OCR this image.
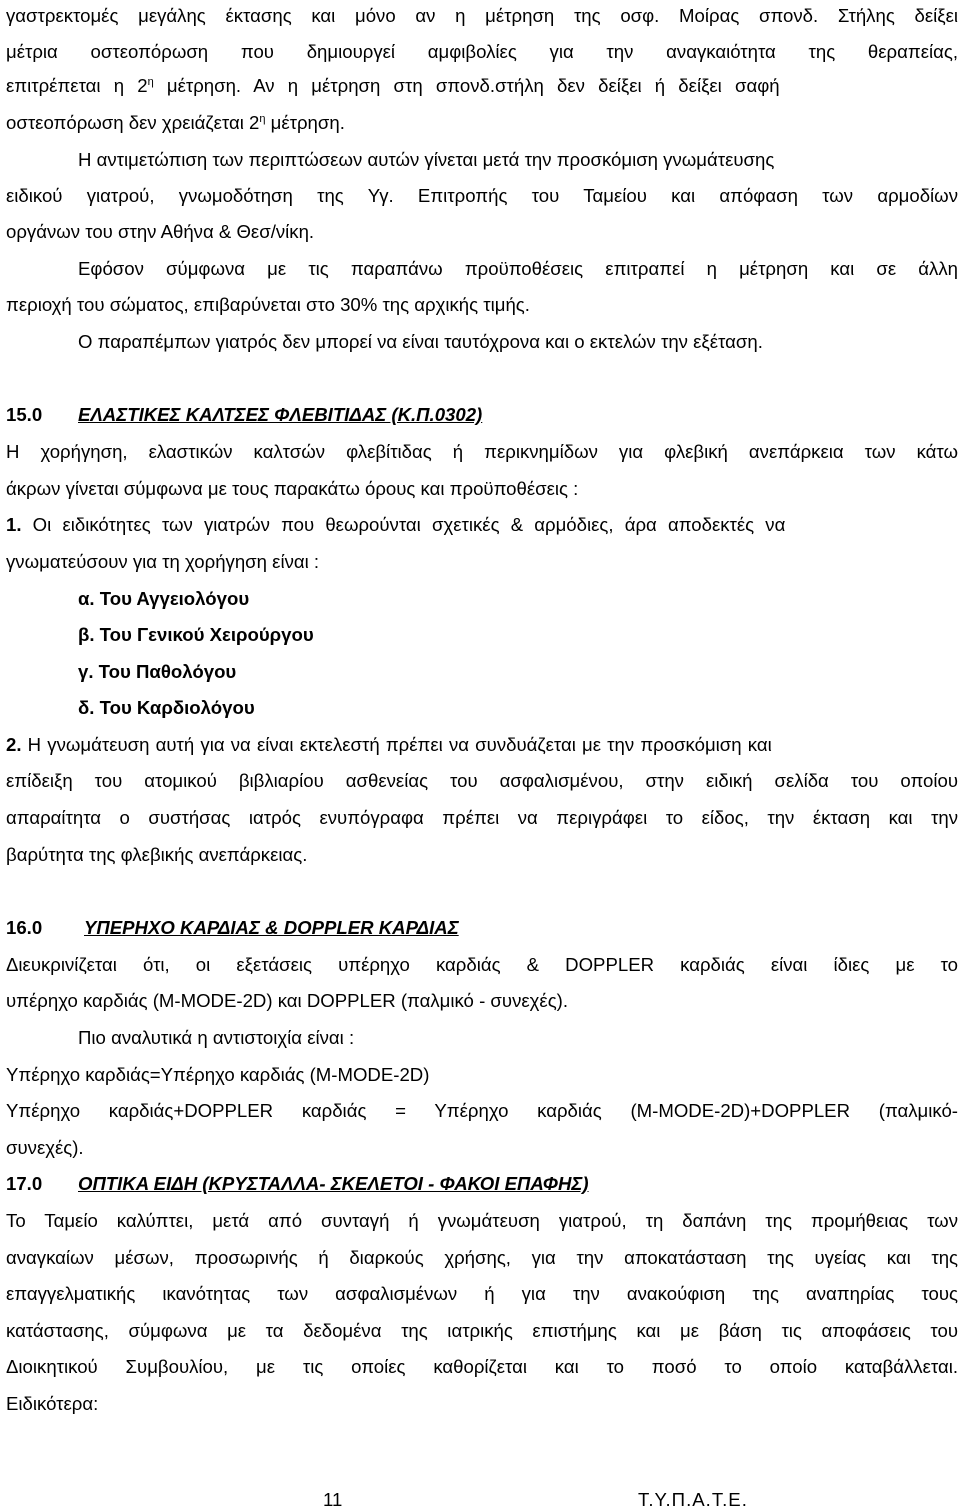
γαστρεκτομές μεγάλης έκτασης και μόνο αν η μέτρηση της οσφ. Μοίρας σπονδ. Στήλης δείξει
μέτρια οστεοπόρωση που δημιουργεί αμφιβολίες για την αναγκαιότητα της θεραπείας,
επιτρέπεται η $2^\eta$ μέτρηση. Αν η μέτρηση στη σπονδ.στήλη δεν δείξει ή δείξει σαφή
οστεοπόρωση δεν χρειάζεται $2^\eta$ μέτρηση.
Η αντιμετώπιση των περιπτώσεων αυτών γίνεται μετά την προσκόμιση γνωμάτευσης
ειδικού γιατρού, γνωμοδότηση της Υγ. Επιτροπής του Ταμείου και απόφαση των αρμοδίων
οργάνων του στην Αθήνα & Θεσ/νίκη.
Εφόσον σύμφωνα με τις παραπάνω προϋποθέσεις επιτραπεί η μέτρηση και σε άλλη
περιοχή του σώματος, επιβαρύνεται στο 30% της αρχικής τιμής.
Ο παραπέμπων γιατρός δεν μπορεί να είναι ταυτόχρονα και ο εκτελών την εξέταση.
15.0 ΕΛΑΣΤΙΚΕΣ ΚΑΛΤΣΕΣ ΦΛΕΒΙΤΙΔΑΣ (Κ.Π.0302)
Η χορήγηση, ελαστικών καλτσών φλεβίτιδας ή περικνημίδων για φλεβική ανεπάρκεια των κάτω
άκρων γίνεται σύμφωνα με τους παρακάτω όρους και προϋποθέσεις :
1. Οι ειδικότητες των γιατρών που θεωρούνται σχετικές & αρμόδιες, άρα αποδεκτές να
γνωματεύσουν για τη χορήγηση είναι :
α. Του Αγγειολόγου
β. Του Γενικού Χειρούργου
γ. Του Παθολόγου
δ. Του Καρδιολόγου
2. Η γνωμάτευση αυτή για να είναι εκτελεστή πρέπει να συνδυάζεται με την προσκόμιση και
επίδειξη του ατομικού βιβλιαρίου ασθενείας του ασφαλισμένου, στην ειδική σελίδα του οποίου
απαραίτητα ο συστήσας ιατρός ενυπόγραφα πρέπει να περιγράφει το είδος, την έκταση και την
βαρύτητα της φλεβικής ανεπάρκειας.
16.0 ΥΠΕΡΗΧΟ ΚΑΡΔΙΑΣ & DOPPLER ΚΑΡΔΙΑΣ
Διευκρινίζεται ότι, οι εξετάσεις υπέρηχο καρδιάς & DOPPLER καρδιάς είναι ίδιες με το
υπέρηχο καρδιάς (M-MODE-2D) και DOPPLER (παλμικό - συνεχές).
Πιο αναλυτικά η αντιστοιχία είναι :
Υπέρηχο καρδιάς=Υπέρηχο καρδιάς (M-MODE-2D)
Υπέρηχο καρδιάς+DOPPLER καρδιάς = Υπέρηχο καρδιάς (M-MODE-2D)+DOPPLER (παλμικό-
συνεχές).
17.0 ΟΠΤΙΚΑ ΕΙΔΗ (ΚΡΥΣΤΑΛΛΑ- ΣΚΕΛΕΤΟΙ - ΦΑΚΟΙ ΕΠΑΦΗΣ)
Το Ταμείο καλύπτει, μετά από συνταγή ή γνωμάτευση γιατρού, τη δαπάνη της προμήθειας των
αναγκαίων μέσων, προσωρινής ή διαρκούς χρήσης, για την αποκατάσταση της υγείας και της
επαγγελματικής ικανότητας των ασφαλισμένων ή για την ανακούφιση της αναπηρίας τους
κατάστασης, σύμφωνα με τα δεδομένα της ιατρικής επιστήμης και με βάση τις αποφάσεις του
Διοικητικού Συμβουλίου, με τις οποίες καθορίζεται και το ποσό το οποίο καταβάλλεται.
Ειδικότερα:
11	Τ.Υ.Π.Α.Τ.Ε.
